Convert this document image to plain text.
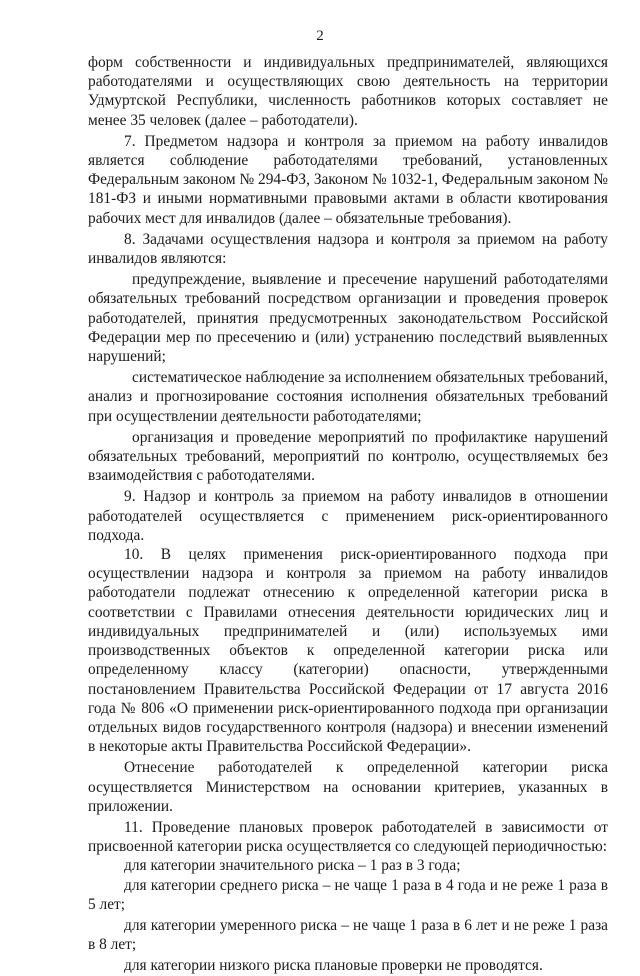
2

форм собственности и индивидуальных предпринимателей, являющихся работодателями и осуществляющих свою деятельность на территории Удмуртской Республики, численность работников которых составляет не менее 35 человек (далее – работодатели).

7. Предметом надзора и контроля за приемом на работу инвалидов является соблюдение работодателями требований, установленных Федеральным законом № 294-ФЗ, Законом № 1032-1, Федеральным законом № 181-ФЗ и иными нормативными правовыми актами в области квотирования рабочих мест для инвалидов (далее – обязательные требования).

8. Задачами осуществления надзора и контроля за приемом на работу инвалидов являются:

предупреждение, выявление и пресечение нарушений работодателями обязательных требований посредством организации и проведения проверок работодателей, принятия предусмотренных законодательством Российской Федерации мер по пресечению и (или) устранению последствий выявленных нарушений;

систематическое наблюдение за исполнением обязательных требований, анализ и прогнозирование состояния исполнения обязательных требований при осуществлении деятельности работодателями;

организация и проведение мероприятий по профилактике нарушений обязательных требований, мероприятий по контролю, осуществляемых без взаимодействия с работодателями.

9. Надзор и контроль за приемом на работу инвалидов в отношении работодателей осуществляется с применением риск-ориентированного подхода.

10. В целях применения риск-ориентированного подхода при осуществлении надзора и контроля за приемом на работу инвалидов работодатели подлежат отнесению к определенной категории риска в соответствии с Правилами отнесения деятельности юридических лиц и индивидуальных предпринимателей и (или) используемых ими производственных объектов к определенной категории риска или определенному классу (категории) опасности, утвержденными постановлением Правительства Российской Федерации от 17 августа 2016 года № 806 «О применении риск-ориентированного подхода при организации отдельных видов государственного контроля (надзора) и внесении изменений в некоторые акты Правительства Российской Федерации».

Отнесение работодателей к определенной категории риска осуществляется Министерством на основании критериев, указанных в приложении.

11. Проведение плановых проверок работодателей в зависимости от присвоенной категории риска осуществляется со следующей периодичностью:

для категории значительного риска – 1 раз в 3 года;

для категории среднего риска – не чаще 1 раза в 4 года и не реже 1 раза в 5 лет;

для категории умеренного риска – не чаще 1 раза в 6 лет и не реже 1 раза в 8 лет;

для категории низкого риска плановые проверки не проводятся.
